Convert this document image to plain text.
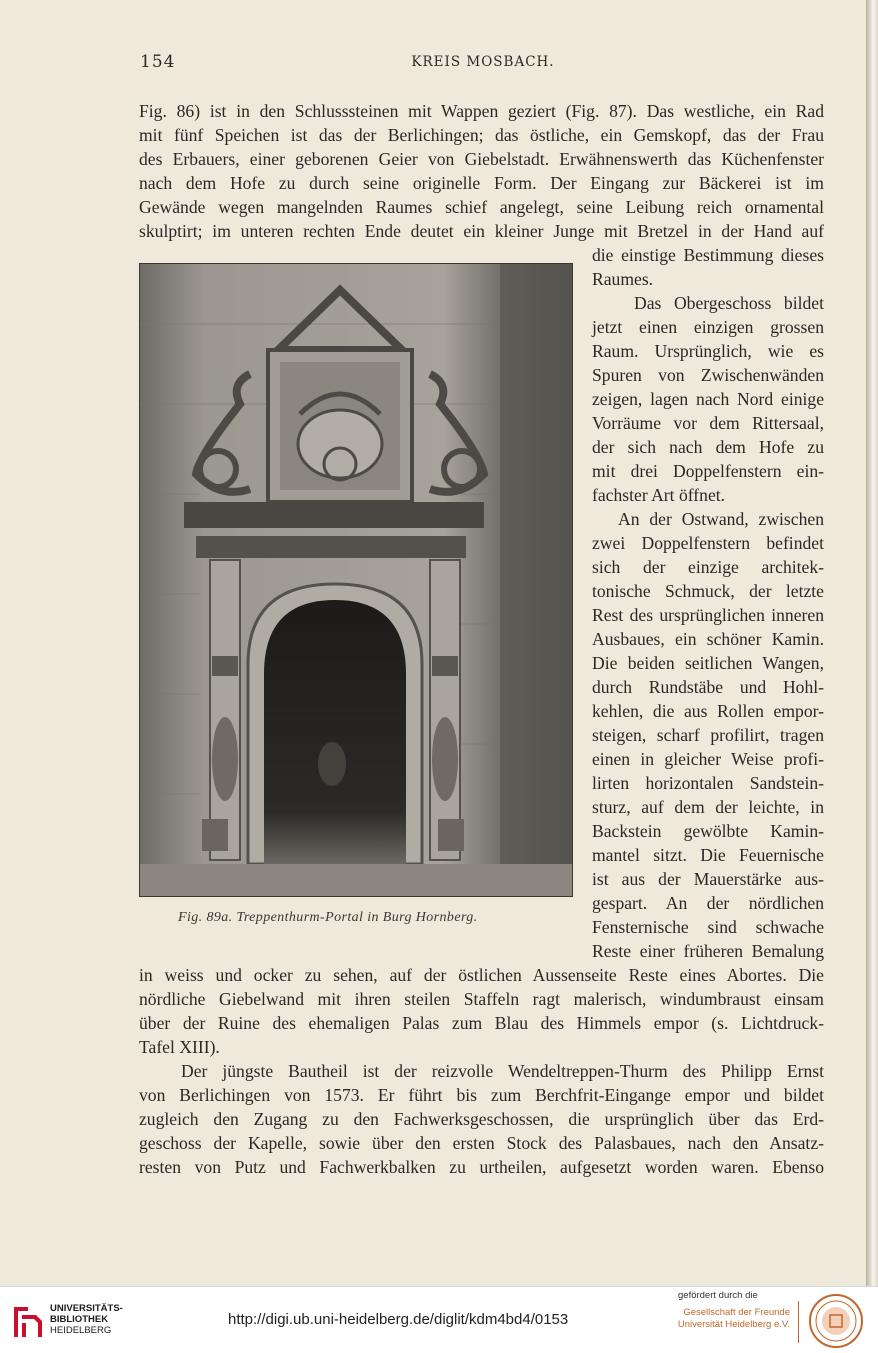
154	KREIS MOSBACH.
Fig. 86) ist in den Schlusssteinen mit Wappen geziert (Fig. 87). Das westliche, ein Rad
mit fünf Speichen ist das der Berlichingen; das östliche, ein Gemskopf, das der Frau
des Erbauers, einer geborenen Geier von Giebelstadt. Erwähnenswerth das Küchenfenster
nach dem Hofe zu durch seine originelle Form. Der Eingang zur Bäckerei ist im
Gewände wegen mangelnden Raumes schief angelegt, seine Leibung reich ornamental
skulptirt; im unteren rechten Ende deutet ein kleiner Junge mit Bretzel in der Hand auf
die einstige Bestimmung dieses
Raumes.
Das Obergeschoss bildet
jetzt einen einzigen grossen
Raum. Ursprünglich, wie es
Spuren von Zwischenwänden
zeigen, lagen nach Nord einige
Vorräume vor dem Rittersaal,
der sich nach dem Hofe zu
mit drei Doppelfenstern ein-
fachster Art öffnet.
An der Ostwand, zwischen
zwei Doppelfenstern befindet
sich der einzige architek-
tonische Schmuck, der letzte
Rest des ursprünglichen inneren
Ausbaues, ein schöner Kamin.
Die beiden seitlichen Wangen,
durch Rundstäbe und Hohl-
kehlen, die aus Rollen empor-
steigen, scharf profilirt, tragen
einen in gleicher Weise profi-
lirten horizontalen Sandstein-
sturz, auf dem der leichte, in
Backstein gewölbte Kamin-
mantel sitzt. Die Feuernische
ist aus der Mauerstärke aus-
gespart. An der nördlichen
Fensternische sind schwache
Reste einer früheren Bemalung
Fig. 89a. Treppenthurm-Portal in Burg Hornberg.
in weiss und ocker zu sehen, auf der östlichen Aussenseite Reste eines Abortes. Die
nördliche Giebelwand mit ihren steilen Staffeln ragt malerisch, windumbraust einsam
über der Ruine des ehemaligen Palas zum Blau des Himmels empor (s. Lichtdruck-
Tafel XIII).
Der jüngste Bautheil ist der reizvolle Wendeltreppen-Thurm des Philipp Ernst
von Berlichingen von 1573. Er führt bis zum Berchfrit-Eingange empor und bildet
zugleich den Zugang zu den Fachwerksgeschossen, die ursprünglich über das Erd-
geschoss der Kapelle, sowie über den ersten Stock des Palasbaues, nach den Ansatz-
resten von Putz und Fachwerkbalken zu urtheilen, aufgesetzt worden waren. Ebenso
UNIVERSITÄTS-
BIBLIOTHEK
HEIDELBERG
http://digi.ub.uni-heidelberg.de/diglit/kdm4bd4/0153
gefördert durch die
Gesellschaft der Freunde
Universität Heidelberg e.V.
